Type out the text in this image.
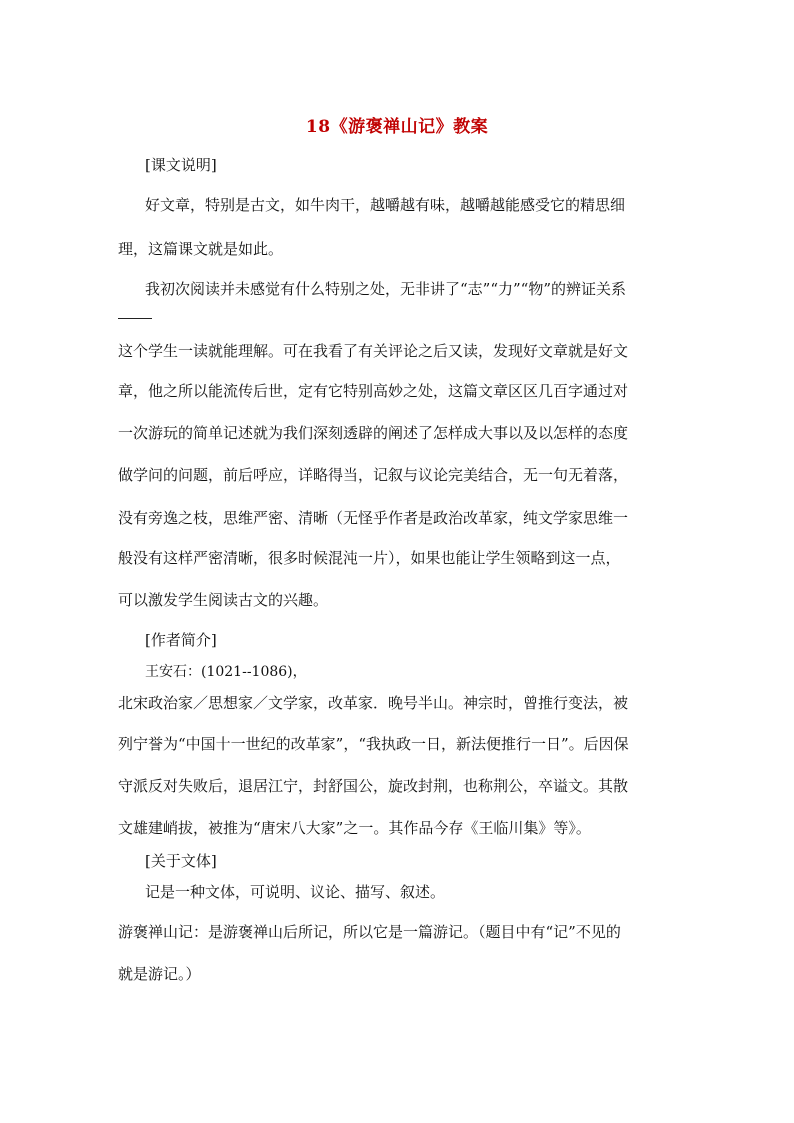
18《游褒禅山记》教案
[课文说明]
好文章，特别是古文，如牛肉干，越嚼越有味，越嚼越能感受它的精思细
理，这篇课文就是如此。
我初次阅读并未感觉有什么特别之处，无非讲了“志”“力”“物”的辨证关系
这个学生一读就能理解。可在我看了有关评论之后又读，发现好文章就是好文
章，他之所以能流传后世，定有它特别高妙之处，这篇文章区区几百字通过对
一次游玩的简单记述就为我们深刻透辟的阐述了怎样成大事以及以怎样的态度
做学问的问题，前后呼应，详略得当，记叙与议论完美结合，无一句无着落，
没有旁逸之枝，思维严密、清晰（无怪乎作者是政治改革家，纯文学家思维一
般没有这样严密清晰，很多时候混沌一片），如果也能让学生领略到这一点，
可以激发学生阅读古文的兴趣。
[作者简介]
王安石：(1021--1086)，
北宋政治家／思想家／文学家，改革家．晚号半山。神宗时，曾推行变法，被
列宁誉为“中国十一世纪的改革家”，“我执政一日，新法便推行一日”。后因保
守派反对失败后，退居江宁，封舒国公，旋改封荆，也称荆公，卒谥文。其散
文雄建峭拔，被推为“唐宋八大家”之一。其作品今存《王临川集》等》。
[关于文体]
记是一种文体，可说明、议论、描写、叙述。
游褒禅山记：是游褒禅山后所记，所以它是一篇游记。（题目中有“记”不见的
就是游记。）
